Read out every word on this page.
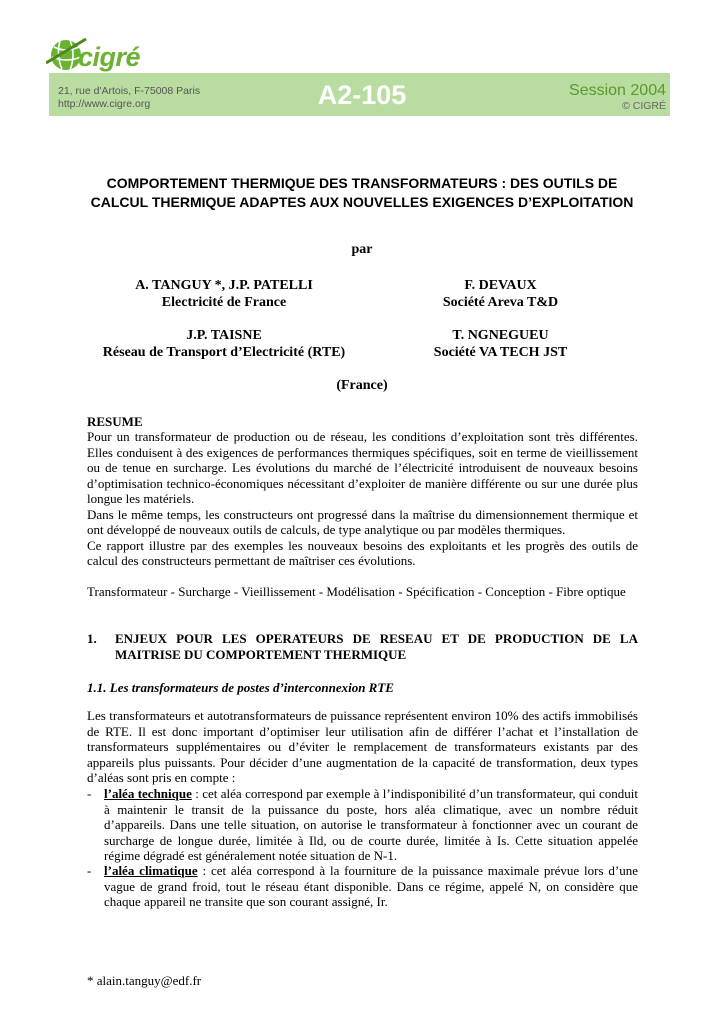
cigré
21, rue d'Artois, F-75008 Paris
http://www.cigre.org	A2-105	Session 2004
© CIGRÉ
COMPORTEMENT THERMIQUE DES TRANSFORMATEURS : DES OUTILS DE CALCUL THERMIQUE ADAPTES AUX NOUVELLES EXIGENCES D’EXPLOITATION
par
A. TANGUY *, J.P. PATELLI
Electricité de France
F. DEVAUX
Société Areva T&D
J.P. TAISNE
Réseau de Transport d’Electricité (RTE)
T. NGNEGUEU
Société VA TECH JST
(France)
RESUME
Pour un transformateur de production ou de réseau, les conditions d’exploitation sont très différentes. Elles conduisent à des exigences de performances thermiques spécifiques, soit en terme de vieillissement ou de tenue en surcharge. Les évolutions du marché de l’électricité introduisent de nouveaux besoins d’optimisation technico-économiques nécessitant d’exploiter de manière différente ou sur une durée plus longue les matériels.
Dans le même temps, les constructeurs ont progressé dans la maîtrise du dimensionnement thermique et ont développé de nouveaux outils de calculs, de type analytique ou par modèles thermiques.
Ce rapport illustre par des exemples les nouveaux besoins des exploitants et les progrès des outils de calcul des constructeurs permettant de maîtriser ces évolutions.
Transformateur - Surcharge - Vieillissement - Modélisation - Spécification - Conception - Fibre optique
1. ENJEUX POUR LES OPERATEURS DE RESEAU ET DE PRODUCTION DE LA MAITRISE DU COMPORTEMENT THERMIQUE
1.1. Les transformateurs de postes d’interconnexion RTE
Les transformateurs et autotransformateurs de puissance représentent environ 10% des actifs immobilisés de RTE. Il est donc important d’optimiser leur utilisation afin de différer l’achat et l’installation de transformateurs supplémentaires ou d’éviter le remplacement de transformateurs existants par des appareils plus puissants. Pour décider d’une augmentation de la capacité de transformation, deux types d’aléas sont pris en compte :
- l’aléa technique : cet aléa correspond par exemple à l’indisponibilité d’un transformateur, qui conduit à maintenir le transit de la puissance du poste, hors aléa climatique, avec un nombre réduit d’appareils. Dans une telle situation, on autorise le transformateur à fonctionner avec un courant de surcharge de longue durée, limitée à Ild, ou de courte durée, limitée à Is. Cette situation appelée régime dégradé est généralement notée situation de N-1.
- l’aléa climatique : cet aléa correspond à la fourniture de la puissance maximale prévue lors d’une vague de grand froid, tout le réseau étant disponible. Dans ce régime, appelé N, on considère que chaque appareil ne transite que son courant assigné, Ir.
* alain.tanguy@edf.fr
